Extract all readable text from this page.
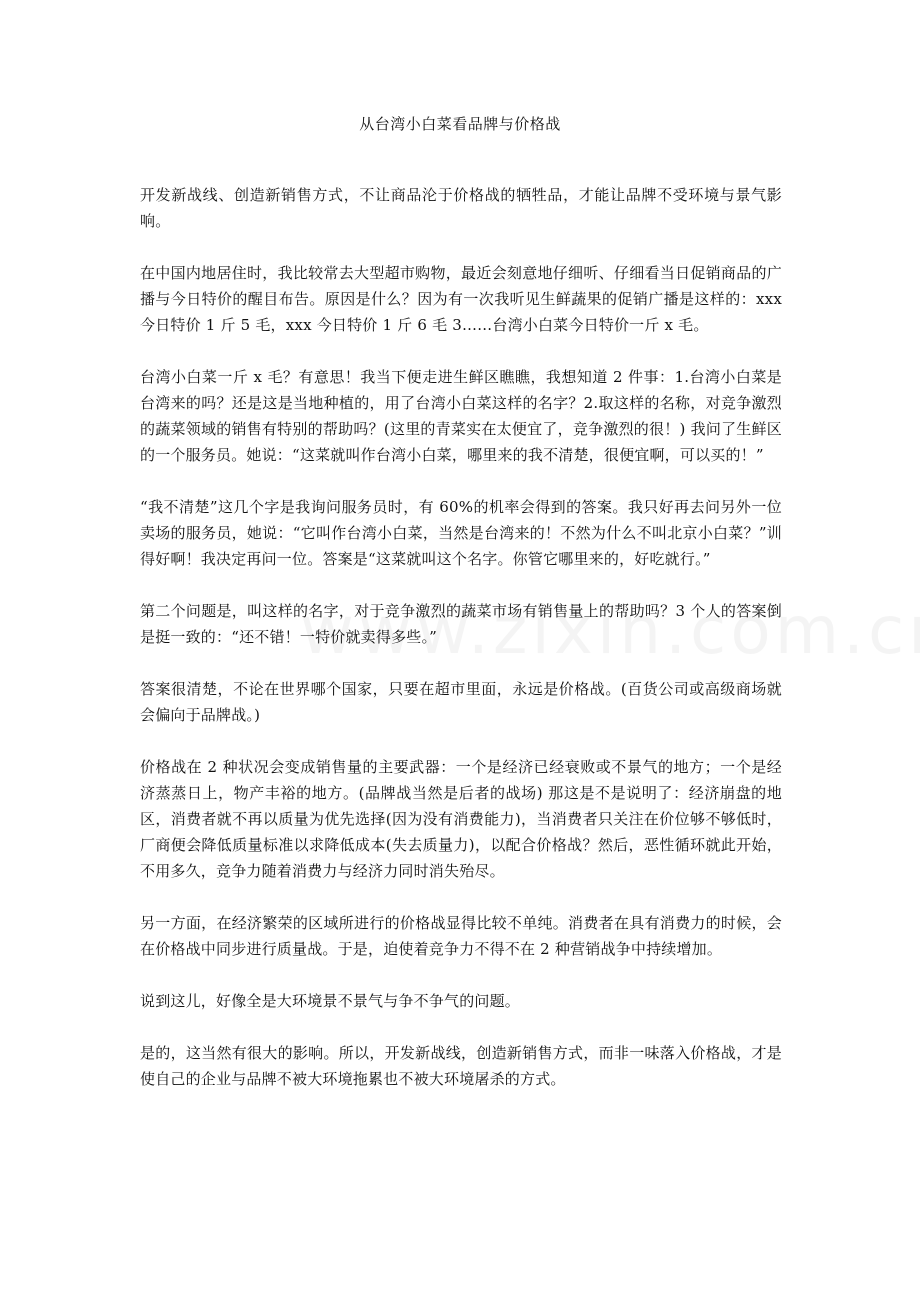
从台湾小白菜看品牌与价格战

开发新战线、创造新销售方式，不让商品沦于价格战的牺牲品，才能让品牌不受环境与景气影响。

在中国内地居住时，我比较常去大型超市购物，最近会刻意地仔细听、仔细看当日促销商品的广播与今日特价的醒目布告。原因是什么？因为有一次我听见生鲜蔬果的促销广播是这样的：xxx 今日特价 1 斤 5 毛，xxx 今日特价 1 斤 6 毛 3……台湾小白菜今日特价一斤 x 毛。

台湾小白菜一斤 x 毛？有意思！我当下便走进生鲜区瞧瞧，我想知道 2 件事：1.台湾小白菜是台湾来的吗？还是这是当地种植的，用了台湾小白菜这样的名字？2.取这样的名称，对竞争激烈的蔬菜领域的销售有特别的帮助吗？(这里的青菜实在太便宜了，竞争激烈的很！) 我问了生鲜区的一个服务员。她说：“这菜就叫作台湾小白菜，哪里来的我不清楚，很便宜啊，可以买的！”

“我不清楚”这几个字是我询问服务员时，有 60%的机率会得到的答案。我只好再去问另外一位卖场的服务员，她说：“它叫作台湾小白菜，当然是台湾来的！不然为什么不叫北京小白菜？”训得好啊！我决定再问一位。答案是“这菜就叫这个名字。你管它哪里来的，好吃就行。”

第二个问题是，叫这样的名字，对于竞争激烈的蔬菜市场有销售量上的帮助吗？3 个人的答案倒是挺一致的：“还不错！一特价就卖得多些。”

答案很清楚，不论在世界哪个国家，只要在超市里面，永远是价格战。(百货公司或高级商场就会偏向于品牌战。)

价格战在 2 种状况会变成销售量的主要武器：一个是经济已经衰败或不景气的地方；一个是经济蒸蒸日上，物产丰裕的地方。(品牌战当然是后者的战场) 那这是不是说明了：经济崩盘的地区，消费者就不再以质量为优先选择(因为没有消费能力)，当消费者只关注在价位够不够低时，厂商便会降低质量标准以求降低成本(失去质量力)，以配合价格战？然后，恶性循环就此开始，不用多久，竞争力随着消费力与经济力同时消失殆尽。

另一方面，在经济繁荣的区域所进行的价格战显得比较不单纯。消费者在具有消费力的时候，会在价格战中同步进行质量战。于是，迫使着竞争力不得不在 2 种营销战争中持续增加。

说到这儿，好像全是大环境景不景气与争不争气的问题。

是的，这当然有很大的影响。所以，开发新战线，创造新销售方式，而非一味落入价格战，才是使自己的企业与品牌不被大环境拖累也不被大环境屠杀的方式。
